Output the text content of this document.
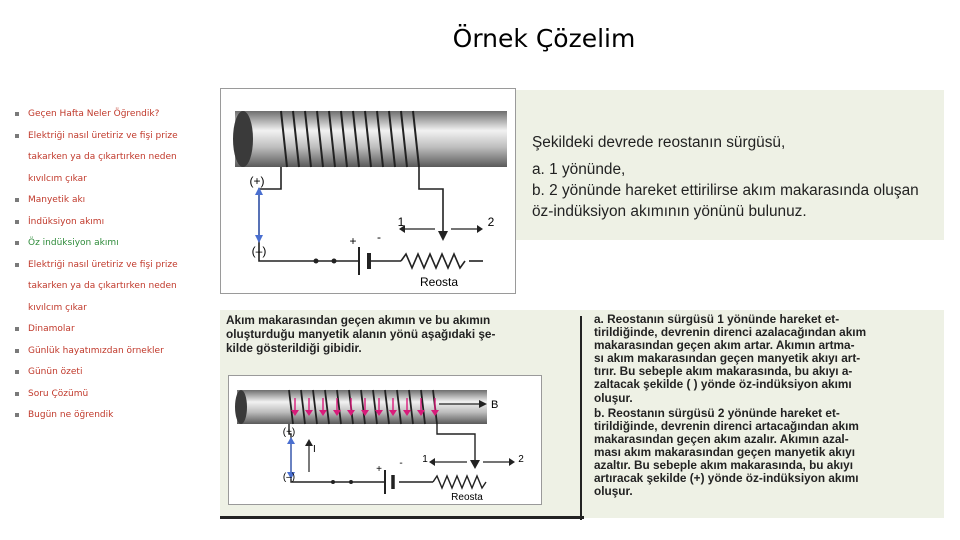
Örnek Çözelim
Geçen Hafta Neler Öğrendik?
Elektriği nasıl üretiriz ve fişi prize
takarken ya da çıkartırken neden
kıvılcım çıkar
Manyetik akı
İndüksiyon akımı
Öz indüksiyon akımı
Elektriği nasıl üretiriz ve fişi prize
takarken ya da çıkartırken neden
kıvılcım çıkar
Dinamolar
Günlük hayatımızdan örnekler
Günün özeti
Soru Çözümü
Bugün ne öğrendik
Şekildeki devrede reostanın sürgüsü,
a. 1 yönünde,
b. 2 yönünde hareket ettirilirse akım makarasında oluşan
öz-indüksiyon akımının yönünü bulunuz.
(+)
(–)
+ -
1	2
Reosta
Akım makarasından geçen akımın ve bu akımın
oluşturduğu manyetik alanın yönü aşağıdaki şe-
kilde gösterildiği gibidir.
(+)
(–)
I
B
+
- 1	2
Reosta
a. Reostanın sürgüsü 1 yönünde hareket et-
tirildiğinde, devrenin direnci azalacağından akım
makarasından geçen akım artar. Akımın artma-
sı akım makarasından geçen manyetik akıyı art-
tırır. Bu sebeple akım makarasında, bu akıyı a-
zaltacak şekilde ( ) yönde öz-indüksiyon akımı
oluşur.
b. Reostanın sürgüsü 2 yönünde hareket et-
tirildiğinde, devrenin direnci artacağından akım
makarasından geçen akım azalır. Akımın azal-
ması akım makarasından geçen manyetik akıyı
azaltır. Bu sebeple akım makarasında, bu akıyı
artıracak şekilde (+) yönde öz-indüksiyon akımı
oluşur.
